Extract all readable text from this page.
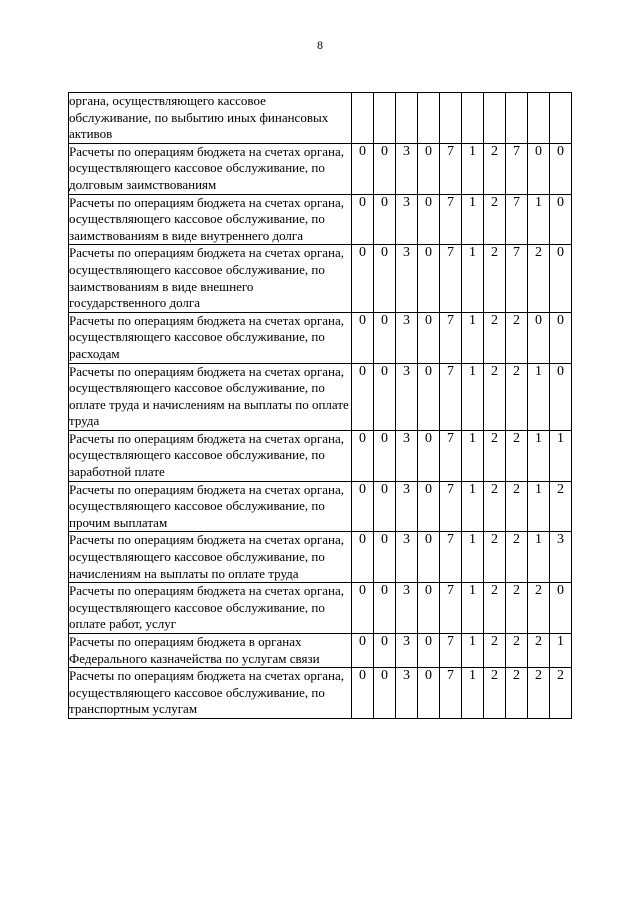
8
органа, осуществляющего кассовое обслуживание, по выбытию иных финансовых активов										
Расчеты по операциям бюджета на счетах органа, осуществляющего кассовое обслуживание, по долговым заимствованиям	0	0	3	0	7	1	2	7	0	0
Расчеты по операциям бюджета на счетах органа, осуществляющего кассовое обслуживание, по заимствованиям в виде внутреннего долга	0	0	3	0	7	1	2	7	1	0
Расчеты по операциям бюджета на счетах органа, осуществляющего кассовое обслуживание, по заимствованиям в виде внешнего государственного долга	0	0	3	0	7	1	2	7	2	0
Расчеты по операциям бюджета на счетах органа, осуществляющего кассовое обслуживание, по расходам	0	0	3	0	7	1	2	2	0	0
Расчеты по операциям бюджета на счетах органа, осуществляющего кассовое обслуживание, по оплате труда и начислениям на выплаты по оплате труда	0	0	3	0	7	1	2	2	1	0
Расчеты по операциям бюджета на счетах органа, осуществляющего кассовое обслуживание, по заработной плате	0	0	3	0	7	1	2	2	1	1
Расчеты по операциям бюджета на счетах органа, осуществляющего кассовое обслуживание, по прочим выплатам	0	0	3	0	7	1	2	2	1	2
Расчеты по операциям бюджета на счетах органа, осуществляющего кассовое обслуживание, по начислениям на выплаты по оплате труда	0	0	3	0	7	1	2	2	1	3
Расчеты по операциям бюджета на счетах органа, осуществляющего кассовое обслуживание, по оплате работ, услуг	0	0	3	0	7	1	2	2	2	0
Расчеты по операциям бюджета в органах Федерального казначейства по услугам связи	0	0	3	0	7	1	2	2	2	1
Расчеты по операциям бюджета на счетах органа, осуществляющего кассовое обслуживание, по транспортным услугам	0	0	3	0	7	1	2	2	2	2
